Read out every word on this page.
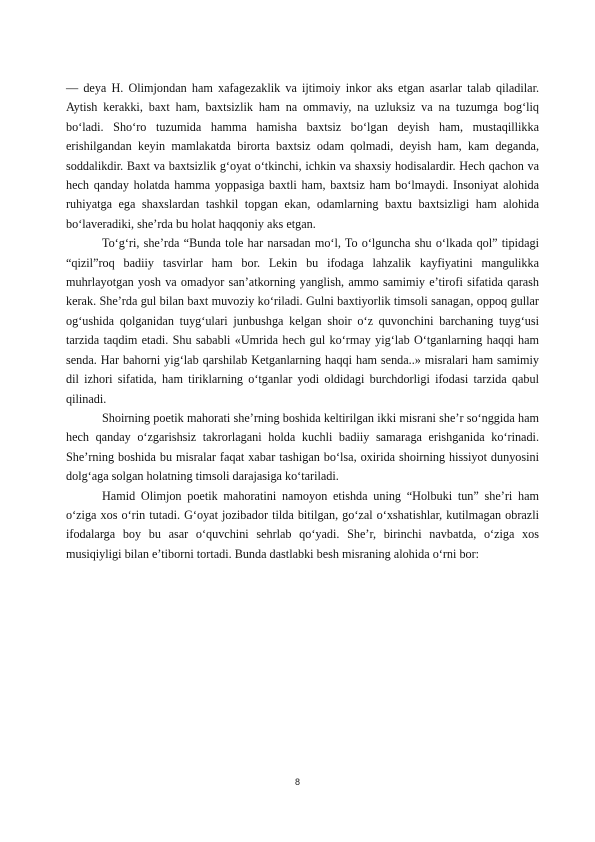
— deya H. Olimjondan ham xafagezaklik va ijtimoiy inkor aks etgan asarlar talab qiladilar. Aytish kerakki, baxt ham, baxtsizlik ham na ommaviy, na uzluksiz va na tuzumga bog‘liq bo‘ladi. Sho‘ro tuzumida hamma hamisha baxtsiz bo‘lgan deyish ham, mustaqillikka erishilgandan keyin mamlakatda birorta baxtsiz odam qolmadi, deyish ham, kam deganda, soddalikdir. Baxt va baxtsizlik g‘oyat o‘tkinchi, ichkin va shaxsiy hodisalardir. Hech qachon va hech qanday holatda hamma yoppasiga baxtli ham, baxtsiz ham bo‘lmaydi. Insoniyat alohida ruhiyatga ega shaxslardan tashkil topgan ekan, odamlarning baxtu baxtsizligi ham alohida bo‘laveradiki, she’rda bu holat haqqoniy aks etgan.

To‘g‘ri, she’rda “Bunda tole har narsadan mo‘l, To o‘lguncha shu o‘lkada qol” tipidagi “qizil”roq badiiy tasvirlar ham bor. Lekin bu ifodaga lahzalik kayfiyatini mangulikka muhrlayotgan yosh va omadyor san’atkorning yanglish, ammo samimiy e’tirofi sifatida qarash kerak. She’rda gul bilan baxt muvoziy ko‘riladi. Gulni baxtiyorlik timsoli sanagan, oppoq gullar og‘ushida qolganidan tuyg‘ulari junbushga kelgan shoir o‘z quvonchini barchaning tuyg‘usi tarzida taqdim etadi. Shu sababli «Umrida hech gul ko‘rmay yig‘lab O‘tganlarning haqqi ham senda. Har bahorni yig‘lab qarshilab Ketganlarning haqqi ham senda..» misralari ham samimiy dil izhori sifatida, ham tiriklarning o‘tganlar yodi oldidagi burchdorligi ifodasi tarzida qabul qilinadi.

Shoirning poetik mahorati she’rning boshida keltirilgan ikki misrani she’r so‘nggida ham hech qanday o‘zgarishsiz takrorlagani holda kuchli badiiy samaraga erishganida ko‘rinadi. She’rning boshida bu misralar faqat xabar tashigan bo‘lsa, oxirida shoirning hissiyot dunyosini dolg‘aga solgan holatning timsoli darajasiga ko‘tariladi.

Hamid Olimjon poetik mahoratini namoyon etishda uning “Holbuki tun” she’ri ham o‘ziga xos o‘rin tutadi. G‘oyat jozibador tilda bitilgan, go‘zal o‘xshatishlar, kutilmagan obrazli ifodalarga boy bu asar o‘quvchini sehrlab qo‘yadi. She’r, birinchi navbatda, o‘ziga xos musiqiyligi bilan e’tiborni tortadi. Bunda dastlabki besh misraning alohida o‘rni bor:

8
